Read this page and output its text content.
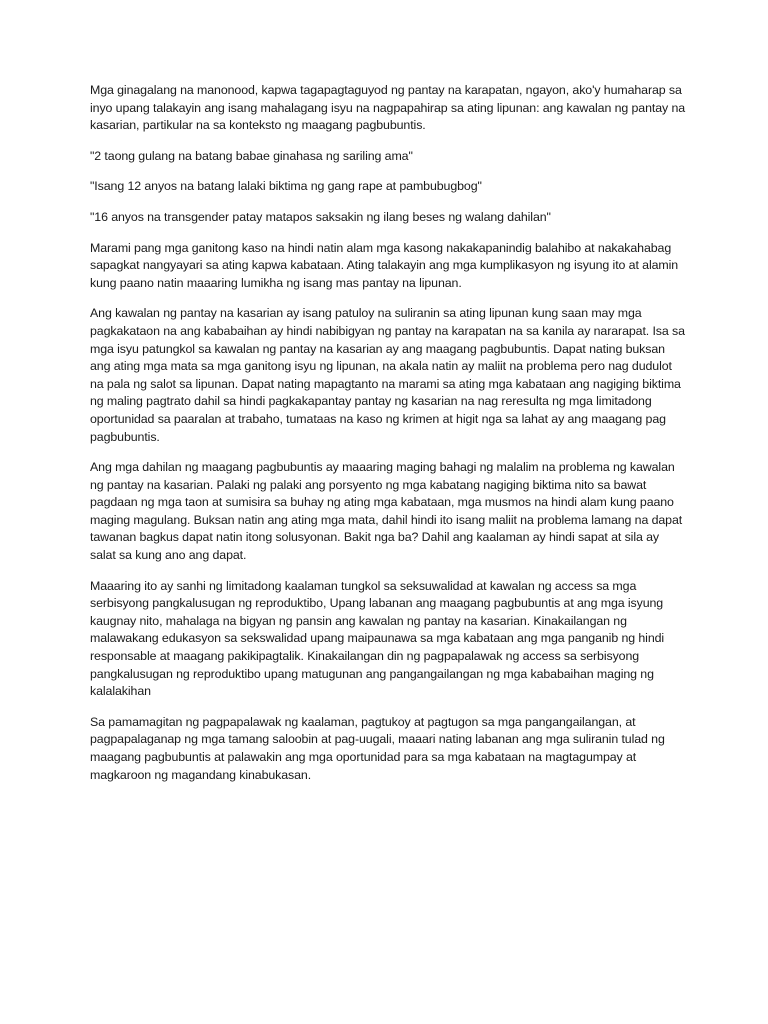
Mga ginagalang na manonood, kapwa tagapagtaguyod ng pantay na karapatan, ngayon, ako'y humaharap sa inyo upang talakayin ang isang mahalagang isyu na nagpapahirap sa ating lipunan: ang kawalan ng pantay na kasarian, partikular na sa konteksto ng maagang pagbubuntis.

"2 taong gulang na batang babae ginahasa ng sariling ama"

"Isang 12 anyos na batang lalaki biktima ng gang rape at pambubugbog"

"16 anyos na transgender patay matapos saksakin ng ilang beses ng walang dahilan"

Marami pang mga ganitong kaso na hindi natin alam mga kasong nakakapanindig balahibo at nakakahabag sapagkat nangyayari sa ating kapwa kabataan. Ating talakayin ang mga kumplikasyon ng isyung ito at alamin kung paano natin maaaring lumikha ng isang mas pantay na lipunan.

Ang kawalan ng pantay na kasarian ay isang patuloy na suliranin sa ating lipunan kung saan may mga pagkakataon na ang kababaihan ay hindi nabibigyan ng pantay na karapatan na sa kanila ay nararapat. Isa sa mga isyu patungkol sa kawalan ng pantay na kasarian ay ang maagang pagbubuntis. Dapat nating buksan ang ating mga mata sa mga ganitong isyu ng lipunan, na akala natin ay maliit na problema pero nag dudulot na pala ng salot sa lipunan. Dapat nating mapagtanto na marami sa ating mga kabataan ang nagiging biktima ng maling pagtrato dahil sa hindi pagkakapantay pantay ng kasarian na nag reresulta ng mga limitadong oportunidad sa paaralan at trabaho, tumataas na kaso ng krimen at higit nga sa lahat ay ang maagang pag pagbubuntis.

Ang mga dahilan ng maagang pagbubuntis ay maaaring maging bahagi ng malalim na problema ng kawalan ng pantay na kasarian. Palaki ng palaki ang porsyento ng mga kabatang nagiging biktima nito sa bawat pagdaan ng mga taon at sumisira sa buhay ng ating mga kabataan, mga musmos na hindi alam kung paano maging magulang. Buksan natin ang ating mga mata, dahil hindi ito isang maliit na problema lamang na dapat tawanan bagkus dapat natin itong solusyonan. Bakit nga ba? Dahil ang kaalaman ay hindi sapat at sila ay salat sa kung ano ang dapat.

Maaaring ito ay sanhi ng limitadong kaalaman tungkol sa seksuwalidad at kawalan ng access sa mga serbisyong pangkalusugan ng reproduktibo, Upang labanan ang maagang pagbubuntis at ang mga isyung kaugnay nito, mahalaga na bigyan ng pansin ang kawalan ng pantay na kasarian. Kinakailangan ng malawakang edukasyon sa sekswalidad upang maipaunawa sa mga kabataan ang mga panganib ng hindi responsable at maagang pakikipagtalik. Kinakailangan din ng pagpapalawak ng access sa serbisyong pangkalusugan ng reproduktibo upang matugunan ang pangangailangan ng mga kababaihan maging ng kalalakihan

Sa pamamagitan ng pagpapalawak ng kaalaman, pagtukoy at pagtugon sa mga pangangailangan, at pagpapalaganap ng mga tamang saloobin at pag-uugali, maaari nating labanan ang mga suliranin tulad ng maagang pagbubuntis at palawakin ang mga oportunidad para sa mga kabataan na magtagumpay at magkaroon ng magandang kinabukasan.
